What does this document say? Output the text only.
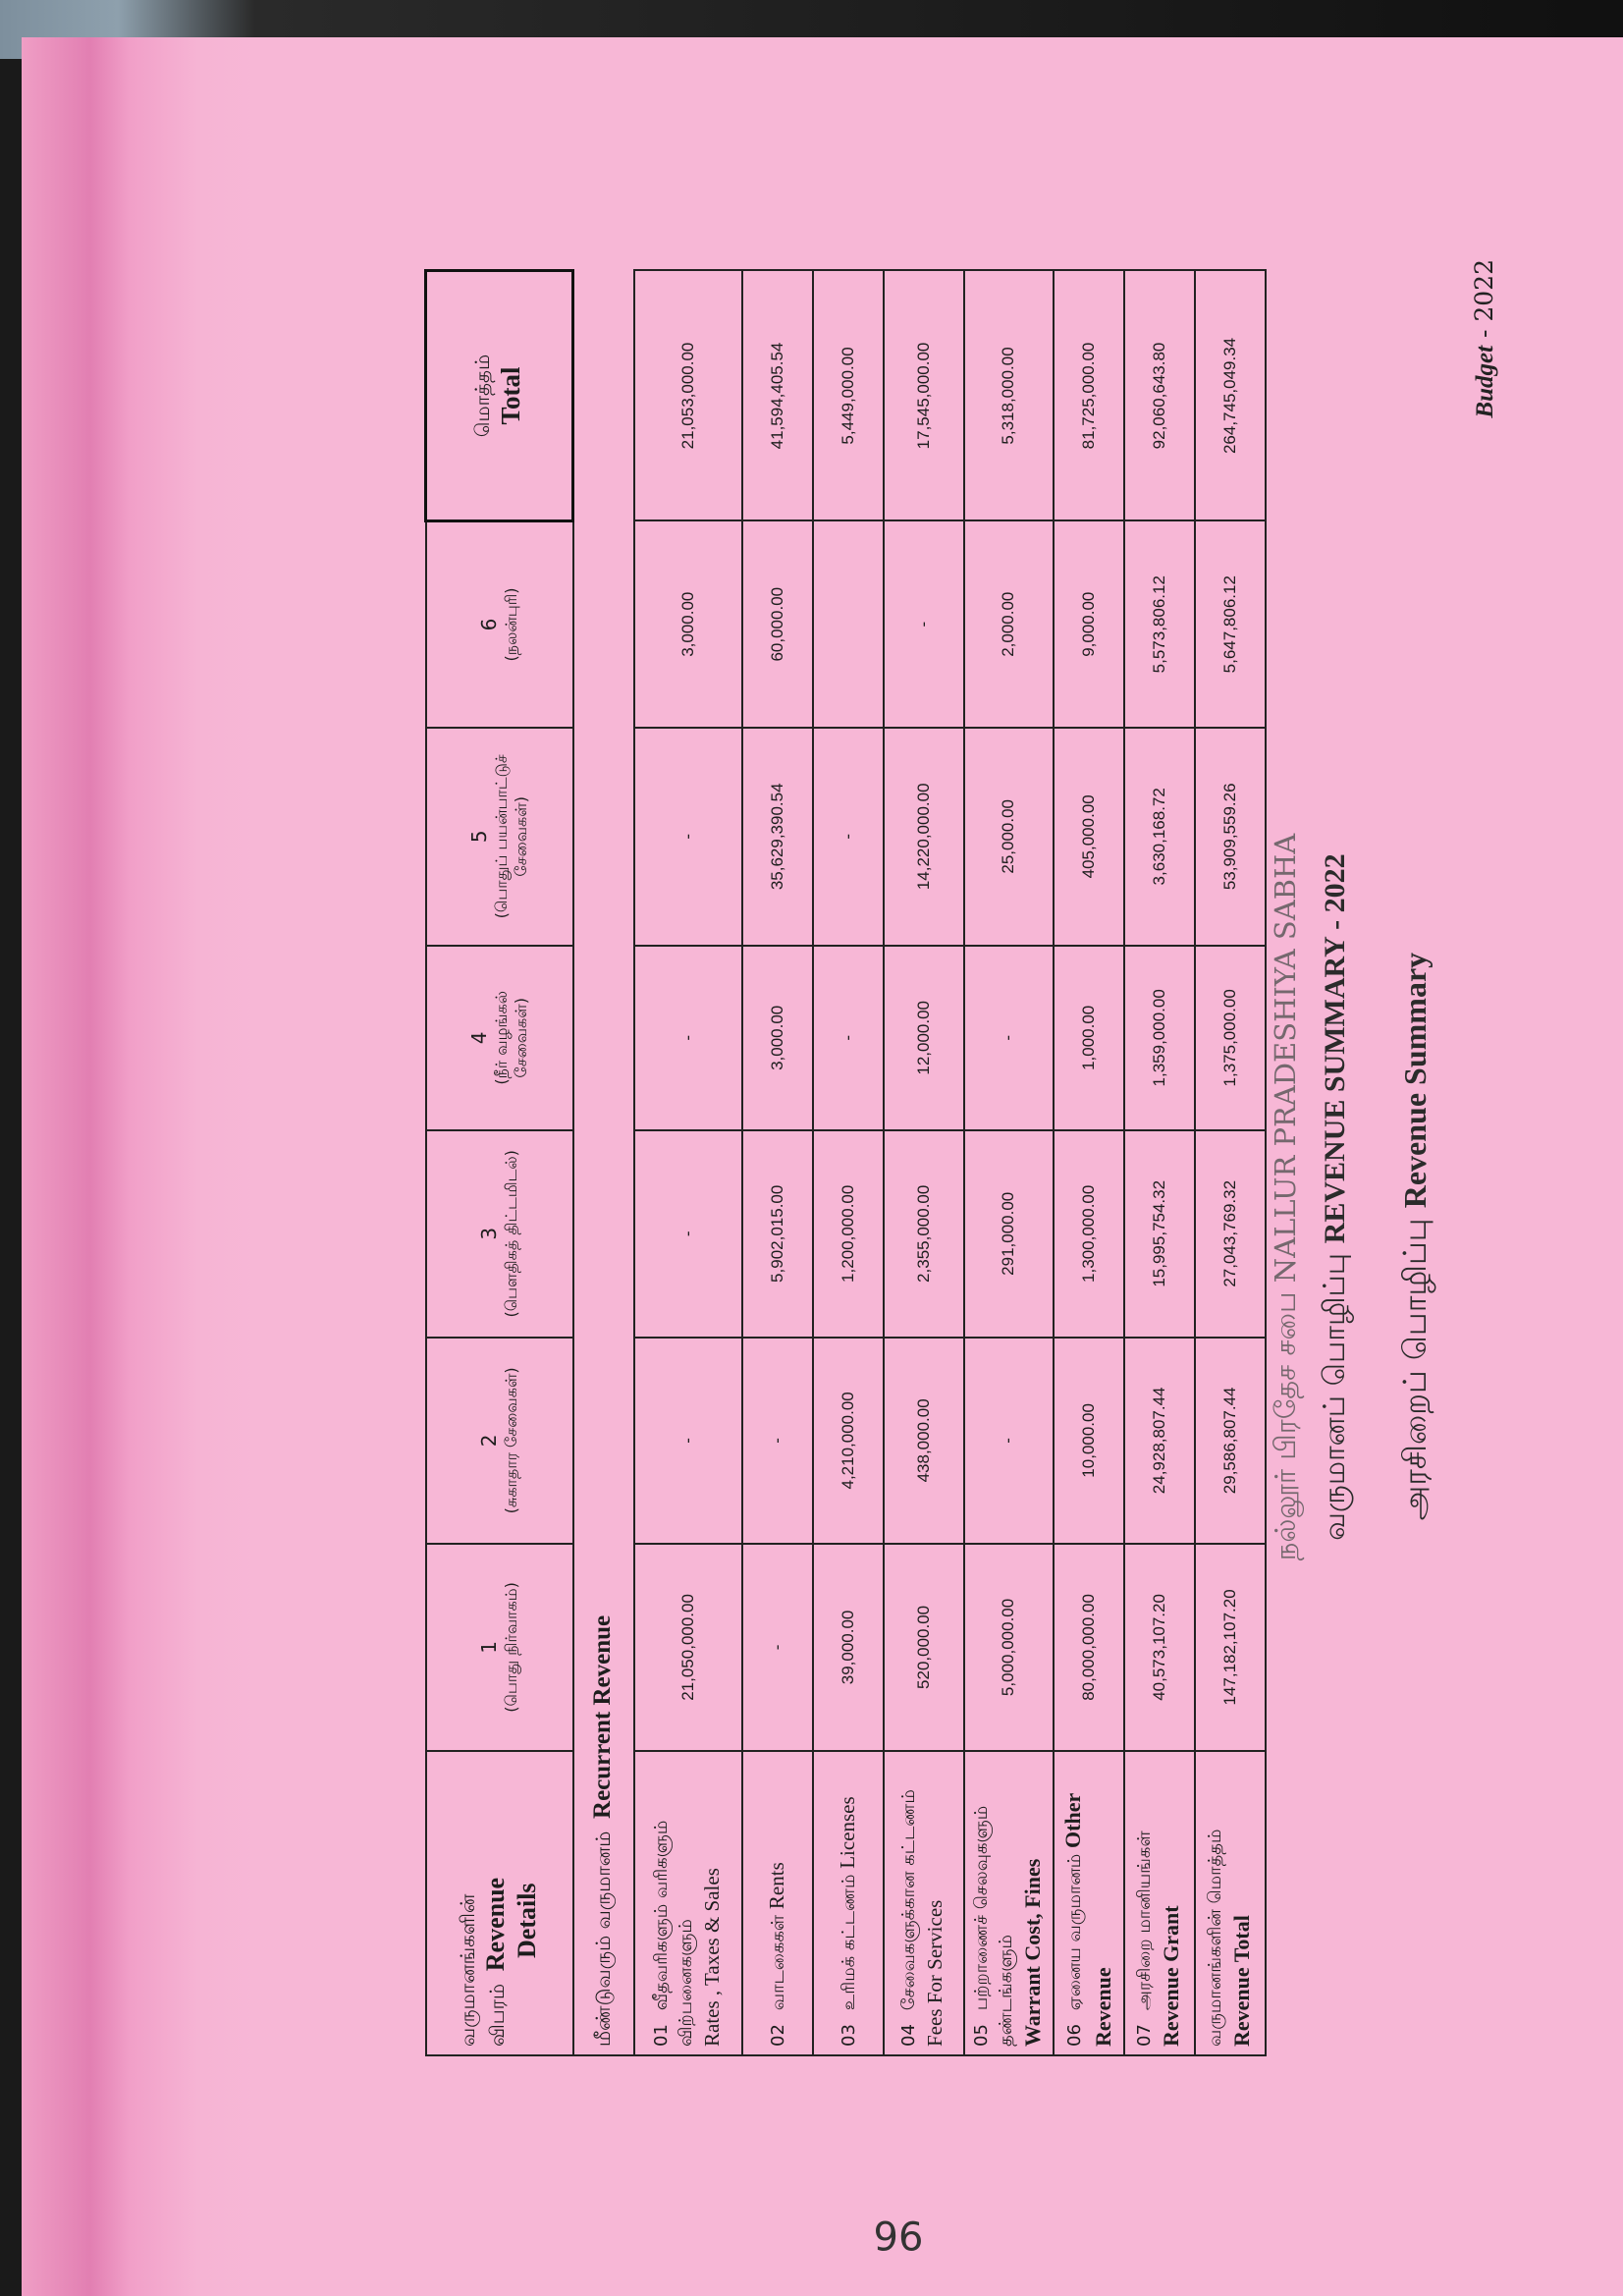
Budget - 2022
நல்லூர் பிரதேச சபை NALLUR PRADESHIYA SABHA
வருமானப் பொழிப்பு REVENUE SUMMARY - 2022
அரசிறைப் பொழிப்பு Revenue Summary
வருமானங்களின் விபரம்  Revenue Details	1 (பொது நிர்வாகம்)	2 (சுகாதார சேவைகள்)	3 (பௌதிகத் திட்டமிடல்)	4 (நீர் வழங்கல் சேவைகள்)	5 (பொதுப் பயன்பாட்டுச் சேவைகள்)	6 (நலன்புரி)	மொத்தம் Total

மீண்டுவரும் வருமானம்  Recurrent Revenue							
01வீதவரிகளும் வரிகளும் விற்பனைகளும் Rates , Taxes & Sales	21,050,000.00	-	-	-	-	3,000.00	21,053,000.00
02வாடகைகள் Rents	-	-	5,902,015.00	3,000.00	35,629,390.54	60,000.00	41,594,405.54
03உரிமக் கட்டணம் Licenses	39,000.00	4,210,000.00	1,200,000.00	-	-		5,449,000.00
04சேவைகளுக்கான கட்டணம் Fees For Services	520,000.00	438,000.00	2,355,000.00	12,000.00	14,220,000.00	-	17,545,000.00
05பற்றாணைச் செலவுகளும் தண்டங்களும் Warrant Cost, Fines	5,000,000.00	-	291,000.00	-	25,000.00	2,000.00	5,318,000.00
06ஏனைய வருமானம் Other Revenue	80,000,000.00	10,000.00	1,300,000.00	1,000.00	405,000.00	9,000.00	81,725,000.00
07அரசிறை மானியங்கள் Revenue Grant	40,573,107.20	24,928,807.44	15,995,754.32	1,359,000.00	3,630,168.72	5,573,806.12	92,060,643.80
வருமானங்களின் மொத்தம் Revenue Total	147,182,107.20	29,586,807.44	27,043,769.32	1,375,000.00	53,909,559.26	5,647,806.12	264,745,049.34
96
